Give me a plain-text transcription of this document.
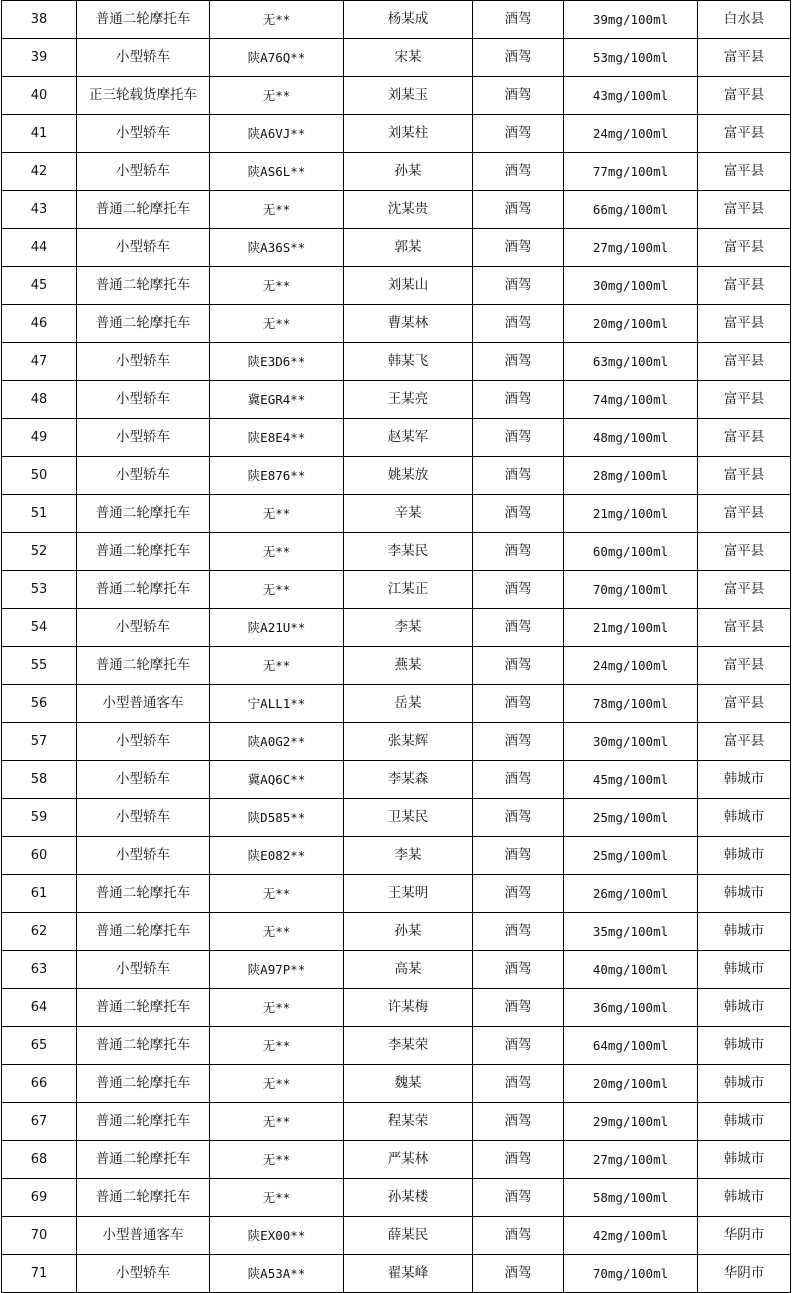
38	普通二轮摩托车	无**	杨某成	酒驾	39mg/100ml	白水县
39	小型轿车	陕A76Q**	宋某	酒驾	53mg/100ml	富平县
40	正三轮载货摩托车	无**	刘某玉	酒驾	43mg/100ml	富平县
41	小型轿车	陕A6VJ**	刘某柱	酒驾	24mg/100ml	富平县
42	小型轿车	陕AS6L**	孙某	酒驾	77mg/100ml	富平县
43	普通二轮摩托车	无**	沈某贵	酒驾	66mg/100ml	富平县
44	小型轿车	陕A36S**	郭某	酒驾	27mg/100ml	富平县
45	普通二轮摩托车	无**	刘某山	酒驾	30mg/100ml	富平县
46	普通二轮摩托车	无**	曹某林	酒驾	20mg/100ml	富平县
47	小型轿车	陕E3D6**	韩某飞	酒驾	63mg/100ml	富平县
48	小型轿车	冀EGR4**	王某亮	酒驾	74mg/100ml	富平县
49	小型轿车	陕E8E4**	赵某军	酒驾	48mg/100ml	富平县
50	小型轿车	陕E876**	姚某放	酒驾	28mg/100ml	富平县
51	普通二轮摩托车	无**	辛某	酒驾	21mg/100ml	富平县
52	普通二轮摩托车	无**	李某民	酒驾	60mg/100ml	富平县
53	普通二轮摩托车	无**	江某正	酒驾	70mg/100ml	富平县
54	小型轿车	陕A21U**	李某	酒驾	21mg/100ml	富平县
55	普通二轮摩托车	无**	燕某	酒驾	24mg/100ml	富平县
56	小型普通客车	宁ALL1**	岳某	酒驾	78mg/100ml	富平县
57	小型轿车	陕A0G2**	张某辉	酒驾	30mg/100ml	富平县
58	小型轿车	冀AQ6C**	李某森	酒驾	45mg/100ml	韩城市
59	小型轿车	陕D585**	卫某民	酒驾	25mg/100ml	韩城市
60	小型轿车	陕E082**	李某	酒驾	25mg/100ml	韩城市
61	普通二轮摩托车	无**	王某明	酒驾	26mg/100ml	韩城市
62	普通二轮摩托车	无**	孙某	酒驾	35mg/100ml	韩城市
63	小型轿车	陕A97P**	高某	酒驾	40mg/100ml	韩城市
64	普通二轮摩托车	无**	许某梅	酒驾	36mg/100ml	韩城市
65	普通二轮摩托车	无**	李某荣	酒驾	64mg/100ml	韩城市
66	普通二轮摩托车	无**	魏某	酒驾	20mg/100ml	韩城市
67	普通二轮摩托车	无**	程某荣	酒驾	29mg/100ml	韩城市
68	普通二轮摩托车	无**	严某林	酒驾	27mg/100ml	韩城市
69	普通二轮摩托车	无**	孙某楼	酒驾	58mg/100ml	韩城市
70	小型普通客车	陕EX00**	薛某民	酒驾	42mg/100ml	华阴市
71	小型轿车	陕A53A**	翟某峰	酒驾	70mg/100ml	华阴市
